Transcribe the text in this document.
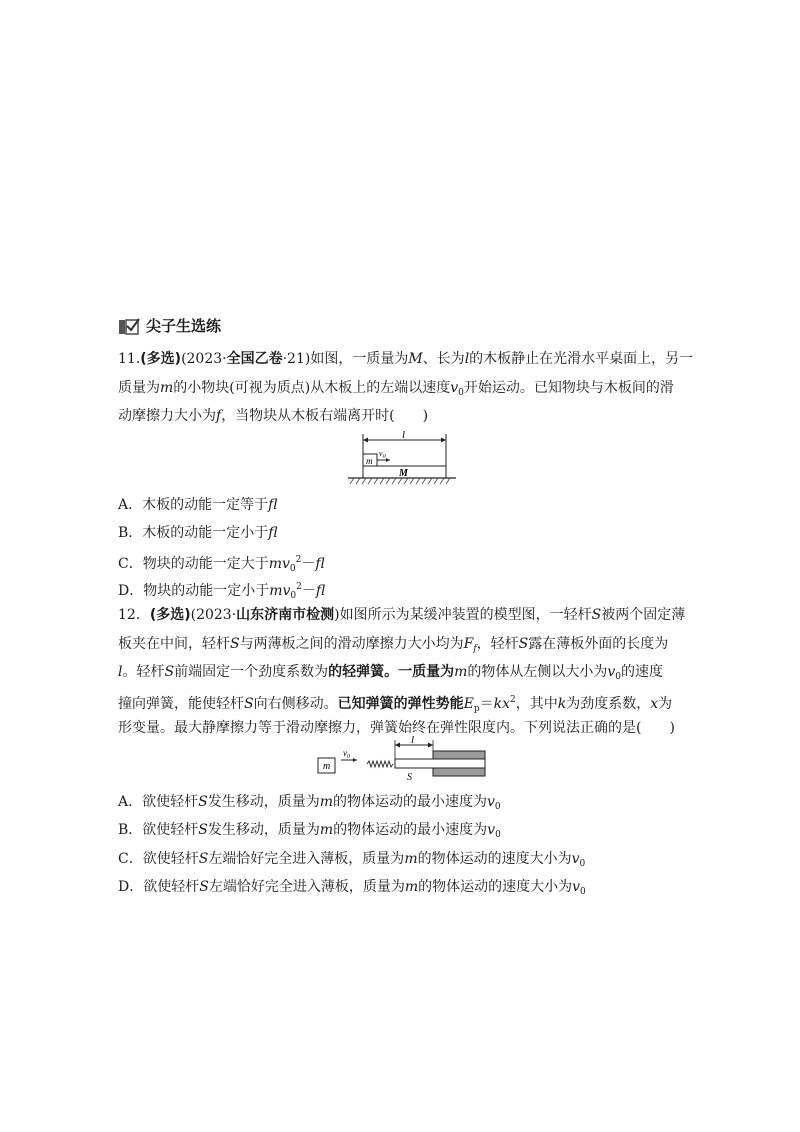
尖子生选练
11.(多选)(2023·全国乙卷·21)如图，一质量为M、长为l的木板静止在光滑水平桌面上，另一
质量为m的小物块(可视为质点)从木板上的左端以速度$v_0$开始运动。已知物块与木板间的滑
动摩擦力大小为f，当物块从木板右端离开时(　　)
l
m
$v_0$
M
A．木板的动能一定等于fl
B．木板的动能一定小于fl
C．物块的动能一定大于$mv_0^2-fl$
D．物块的动能一定小于$mv_0^2-fl$
12．(多选)(2023·山东济南市检测)如图所示为某缓冲装置的模型图，一轻杆S被两个固定薄
板夹在中间，轻杆S与两薄板之间的滑动摩擦力大小均为$F_f$，轻杆S露在薄板外面的长度为
l。轻杆S前端固定一个劲度系数为的轻弹簧。一质量为m的物体从左侧以大小为$v_0$的速度
撞向弹簧，能使轻杆S向右侧移动。已知弹簧的弹性势能$E_p=kx^2$，其中k为劲度系数，x为
形变量。最大静摩擦力等于滑动摩擦力，弹簧始终在弹性限度内。下列说法正确的是(　　)
m
$v_0$
l
S
A．欲使轻杆S发生移动，质量为m的物体运动的最小速度为$v_0$
B．欲使轻杆S发生移动，质量为m的物体运动的最小速度为$v_0$
C．欲使轻杆S左端恰好完全进入薄板，质量为m的物体运动的速度大小为$v_0$
D．欲使轻杆S左端恰好完全进入薄板，质量为m的物体运动的速度大小为$v_0$
